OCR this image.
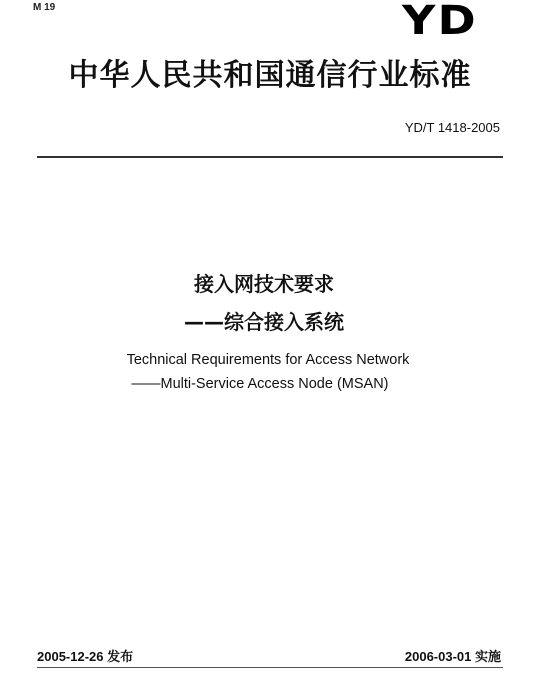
M 19	YD
中华人民共和国通信行业标准
YD/T 1418-2005
接入网技术要求
——综合接入系统
Technical Requirements for Access Network
——Multi-Service Access Node (MSAN)
2005-12-26 发布	2006-03-01 实施
